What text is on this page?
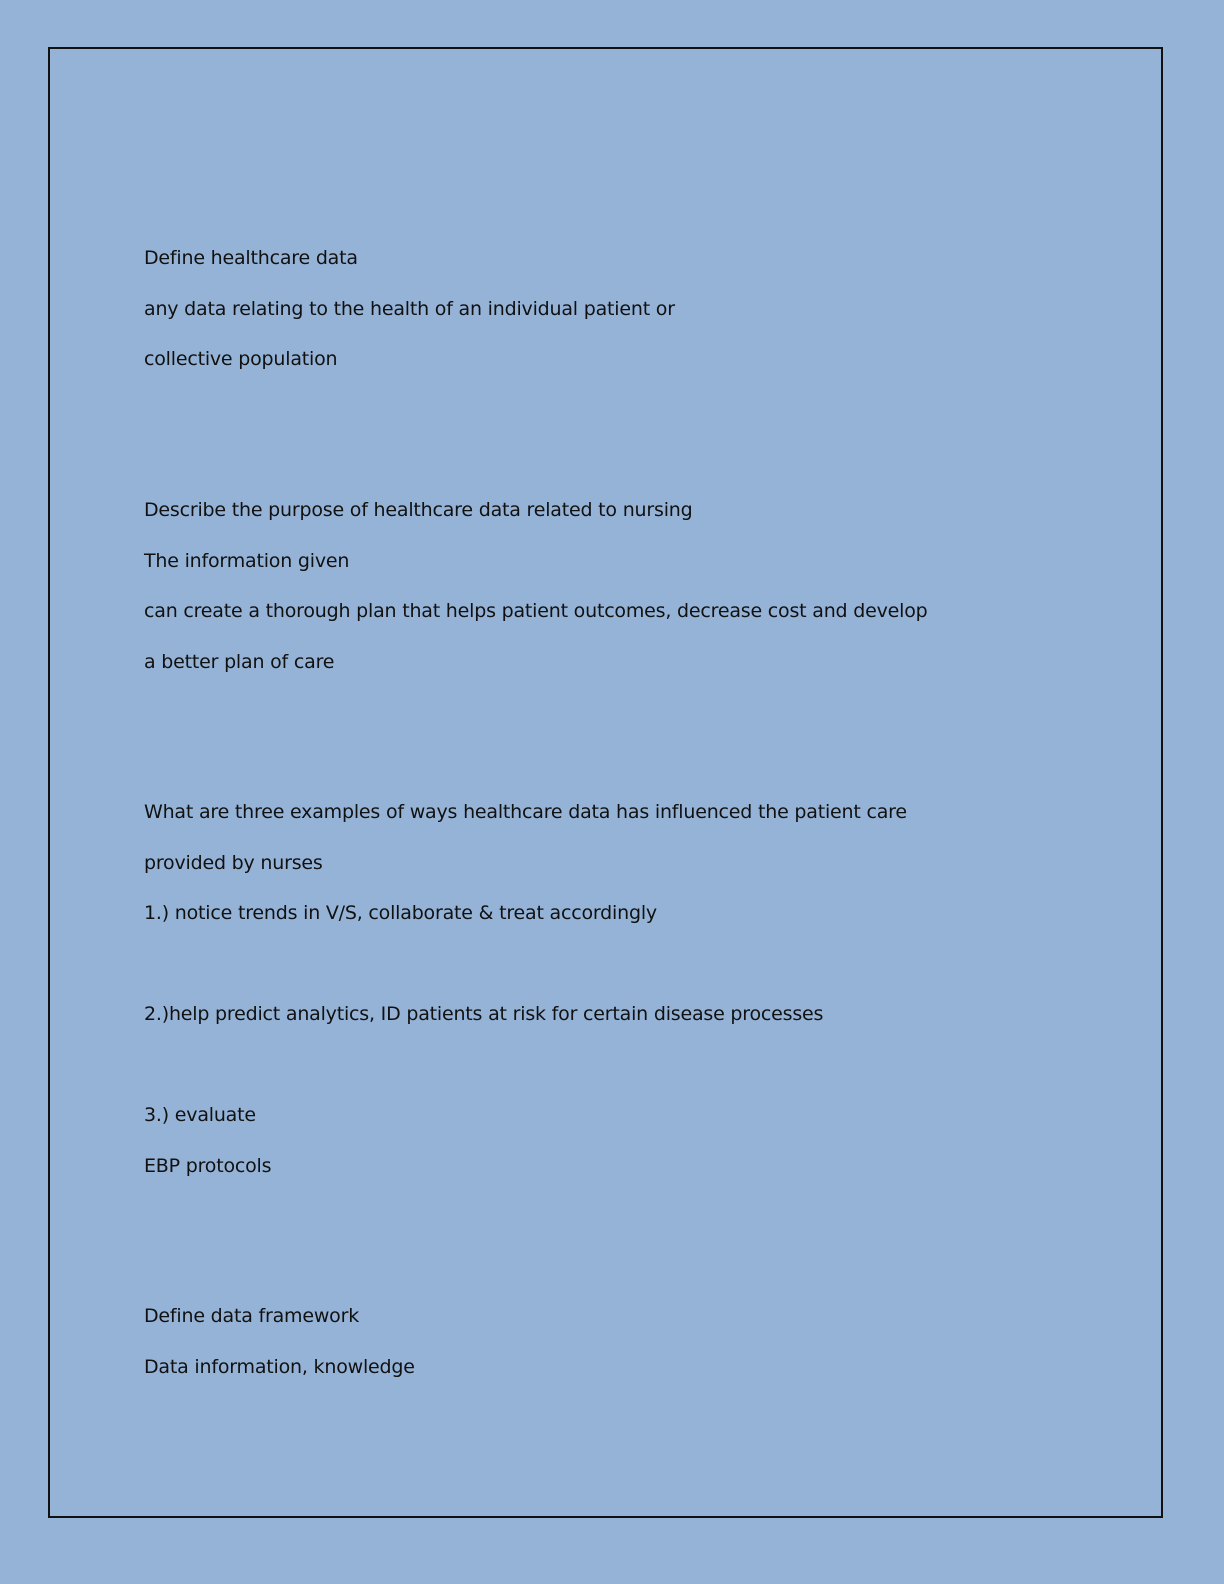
Define healthcare data
any data relating to the health of an individual patient or
collective population
Describe the purpose of healthcare data related to nursing
The information given
can create a thorough plan that helps patient outcomes, decrease cost and develop
a better plan of care
What are three examples of ways healthcare data has influenced the patient care
provided by nurses
1.) notice trends in V/S, collaborate & treat accordingly
2.)help predict analytics, ID patients at risk for certain disease processes
3.) evaluate
EBP protocols
Define data framework
Data information, knowledge
